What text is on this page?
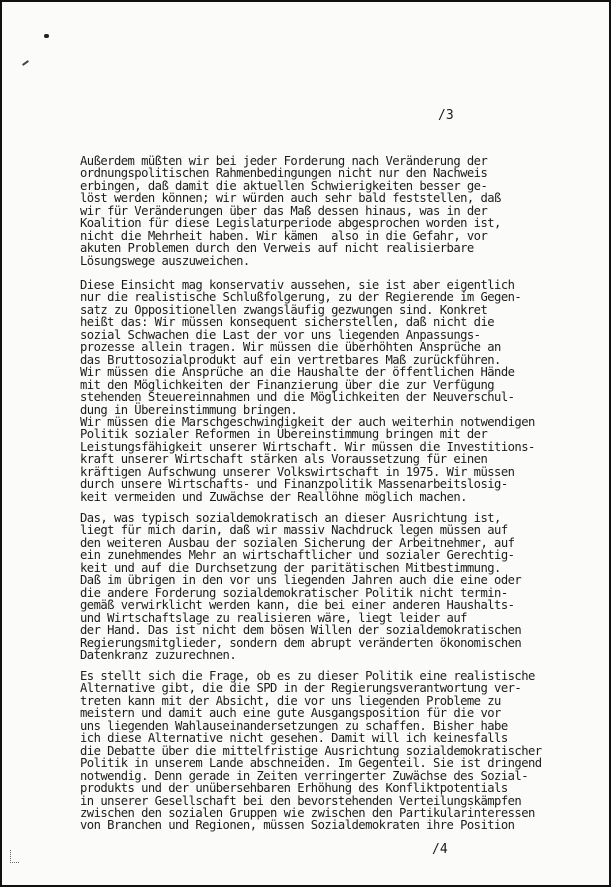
/3
Außerdem müßten wir bei jeder Forderung nach Veränderung der
ordnungspolitischen Rahmenbedingungen nicht nur den Nachweis
erbingen, daß damit die aktuellen Schwierigkeiten besser ge-
löst werden können; wir würden auch sehr bald feststellen, daß
wir für Veränderungen über das Maß dessen hinaus, was in der
Koalition für diese Legislaturperiode abgesprochen worden ist,
nicht die Mehrheit haben. Wir kämen  also in die Gefahr, vor
akuten Problemen durch den Verweis auf nicht realisierbare
Lösungswege auszuweichen.
Diese Einsicht mag konservativ aussehen, sie ist aber eigentlich
nur die realistische Schlußfolgerung, zu der Regierende im Gegen-
satz zu Oppositionellen zwangsläufig gezwungen sind. Konkret
heißt das: Wir müssen konsequent sicherstellen, daß nicht die
sozial Schwachen die Last der vor uns liegenden Anpassungs-
prozesse allein tragen. Wir müssen die überhöhten Ansprüche an
das Bruttosozialprodukt auf ein vertretbares Maß zurückführen.
Wir müssen die Ansprüche an die Haushalte der öffentlichen Hände
mit den Möglichkeiten der Finanzierung über die zur Verfügung
stehenden Steuereinnahmen und die Möglichkeiten der Neuverschul-
dung in Übereinstimmung bringen.
Wir müssen die Marschgeschwindigkeit der auch weiterhin notwendigen
Politik sozialer Reformen in Übereinstimmung bringen mit der
Leistungsfähigkeit unserer Wirtschaft. Wir müssen die Investitions-
kraft unserer Wirtschaft stärken als Voraussetzung für einen
kräftigen Aufschwung unserer Volkswirtschaft in 1975. Wir müssen
durch unsere Wirtschafts- und Finanzpolitik Massenarbeitslosig-
keit vermeiden und Zuwächse der Reallöhne möglich machen.
Das, was typisch sozialdemokratisch an dieser Ausrichtung ist,
liegt für mich darin, daß wir massiv Nachdruck legen müssen auf
den weiteren Ausbau der sozialen Sicherung der Arbeitnehmer, auf
ein zunehmendes Mehr an wirtschaftlicher und sozialer Gerechtig-
keit und auf die Durchsetzung der paritätischen Mitbestimmung.
Daß im übrigen in den vor uns liegenden Jahren auch die eine oder
die andere Forderung sozialdemokratischer Politik nicht termin-
gemäß verwirklicht werden kann, die bei einer anderen Haushalts-
und Wirtschaftslage zu realisieren wäre, liegt leider auf
der Hand. Das ist nicht dem bösen Willen der sozialdemokratischen
Regierungsmitglieder, sondern dem abrupt veränderten ökonomischen
Datenkranz zuzurechnen.
Es stellt sich die Frage, ob es zu dieser Politik eine realistische
Alternative gibt, die die SPD in der Regierungsverantwortung ver-
treten kann mit der Absicht, die vor uns liegenden Probleme zu
meistern und damit auch eine gute Ausgangsposition für die vor
uns liegenden Wahlauseinandersetzungen zu schaffen. Bisher habe
ich diese Alternative nicht gesehen. Damit will ich keinesfalls
die Debatte über die mittelfristige Ausrichtung sozialdemokratischer
Politik in unserem Lande abschneiden. Im Gegenteil. Sie ist dringend
notwendig. Denn gerade in Zeiten verringerter Zuwächse des Sozial-
produkts und der unübersehbaren Erhöhung des Konfliktpotentials
in unserer Gesellschaft bei den bevorstehenden Verteilungskämpfen
zwischen den sozialen Gruppen wie zwischen den Partikularinteressen
von Branchen und Regionen, müssen Sozialdemokraten ihre Position
/4
